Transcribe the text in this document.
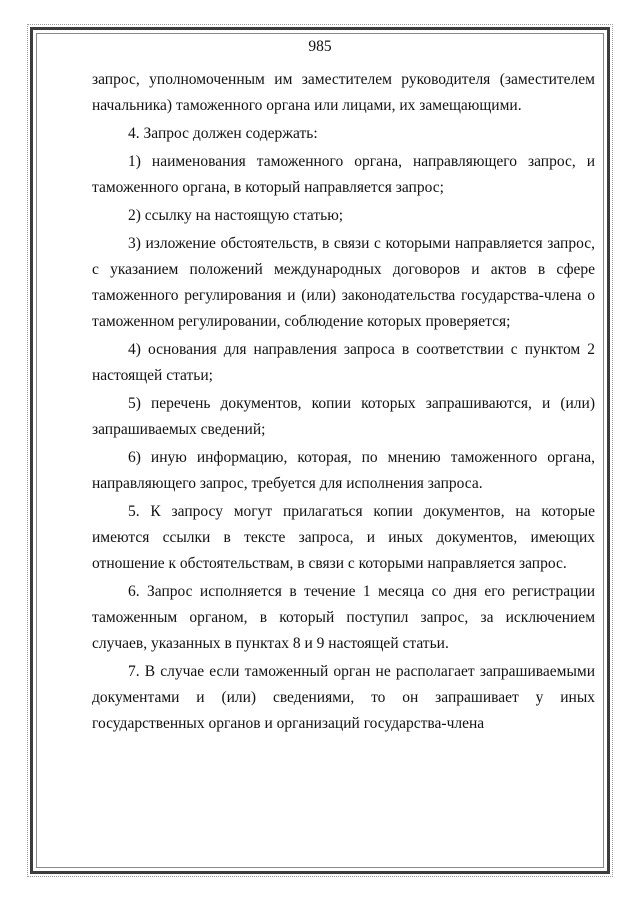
985

запрос, уполномоченным им заместителем руководителя (заместителем начальника) таможенного органа или лицами, их замещающими.

4. Запрос должен содержать:

1) наименования таможенного органа, направляющего запрос, и таможенного органа, в который направляется запрос;

2) ссылку на настоящую статью;

3) изложение обстоятельств, в связи с которыми направляется запрос, с указанием положений международных договоров и актов в сфере таможенного регулирования и (или) законодательства государства-члена о таможенном регулировании, соблюдение которых проверяется;

4) основания для направления запроса в соответствии с пунктом 2 настоящей статьи;

5) перечень документов, копии которых запрашиваются, и (или) запрашиваемых сведений;

6) иную информацию, которая, по мнению таможенного органа, направляющего запрос, требуется для исполнения запроса.

5. К запросу могут прилагаться копии документов, на которые имеются ссылки в тексте запроса, и иных документов, имеющих отношение к обстоятельствам, в связи с которыми направляется запрос.

6. Запрос исполняется в течение 1 месяца со дня его регистрации таможенным органом, в который поступил запрос, за исключением случаев, указанных в пунктах 8 и 9 настоящей статьи.

7. В случае если таможенный орган не располагает запрашиваемыми документами и (или) сведениями, то он запрашивает у иных государственных органов и организаций государства-члена
